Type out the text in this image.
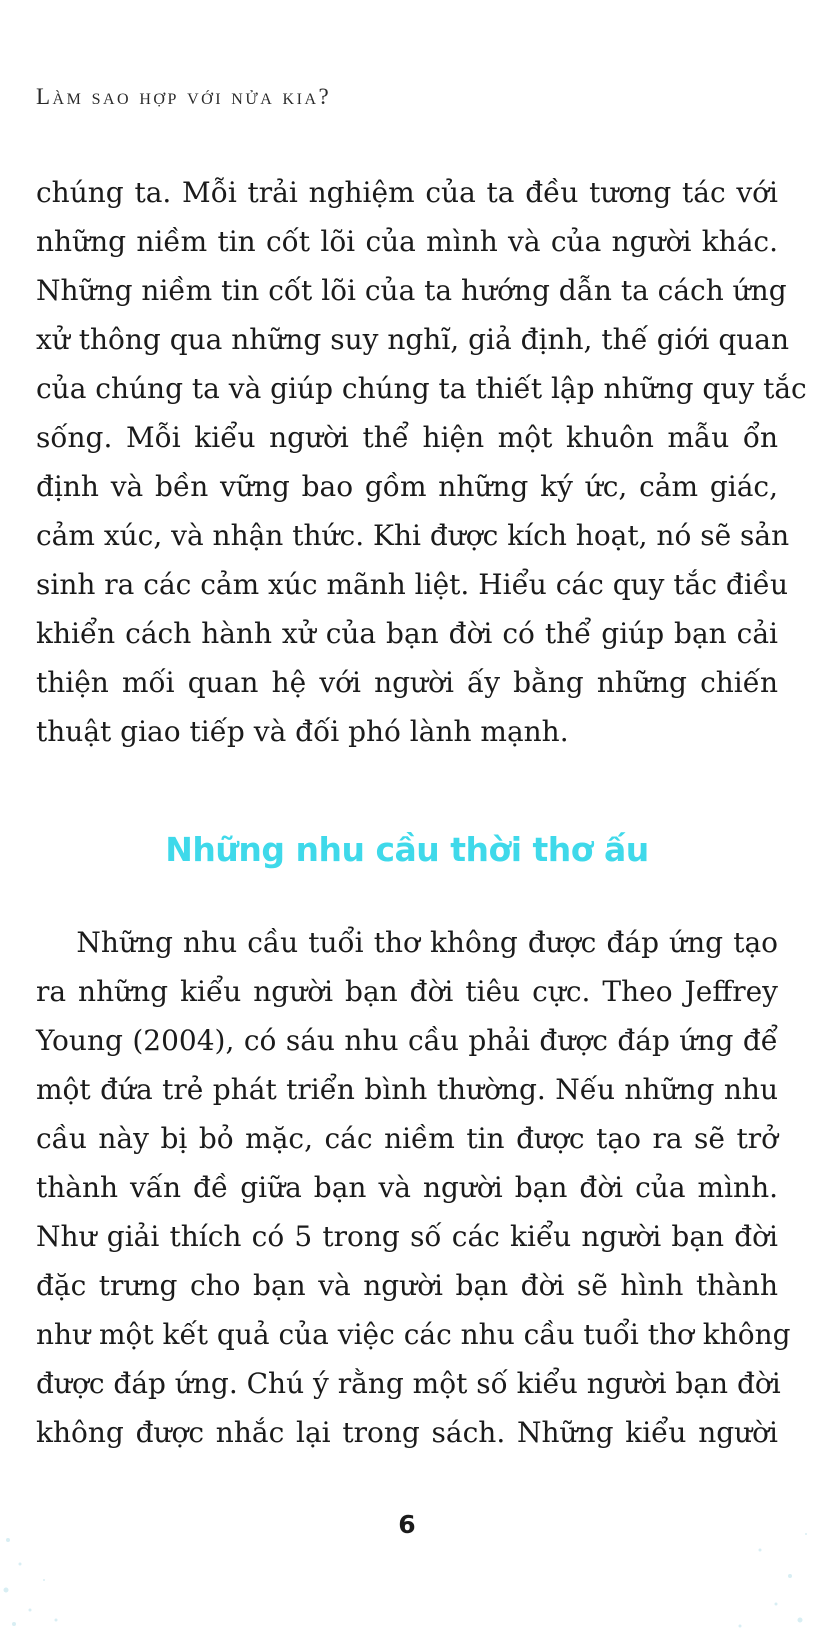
Làm sao hợp với nửa kia?
chúng ta. Mỗi trải nghiệm của ta đều tương tác với
những niềm tin cốt lõi của mình và của người khác.
Những niềm tin cốt lõi của ta hướng dẫn ta cách ứng
xử thông qua những suy nghĩ, giả định, thế giới quan
của chúng ta và giúp chúng ta thiết lập những quy tắc
sống. Mỗi kiểu người thể hiện một khuôn mẫu ổn
định và bền vững bao gồm những ký ức, cảm giác,
cảm xúc, và nhận thức. Khi được kích hoạt, nó sẽ sản
sinh ra các cảm xúc mãnh liệt. Hiểu các quy tắc điều
khiển cách hành xử của bạn đời có thể giúp bạn cải
thiện mối quan hệ với người ấy bằng những chiến
thuật giao tiếp và đối phó lành mạnh.
Những nhu cầu thời thơ ấu
Những nhu cầu tuổi thơ không được đáp ứng tạo
ra những kiểu người bạn đời tiêu cực. Theo Jeffrey
Young (2004), có sáu nhu cầu phải được đáp ứng để
một đứa trẻ phát triển bình thường. Nếu những nhu
cầu này bị bỏ mặc, các niềm tin được tạo ra sẽ trở
thành vấn đề giữa bạn và người bạn đời của mình.
Như giải thích có 5 trong số các kiểu người bạn đời
đặc trưng cho bạn và người bạn đời sẽ hình thành
như một kết quả của việc các nhu cầu tuổi thơ không
được đáp ứng. Chú ý rằng một số kiểu người bạn đời
không được nhắc lại trong sách. Những kiểu người
6
